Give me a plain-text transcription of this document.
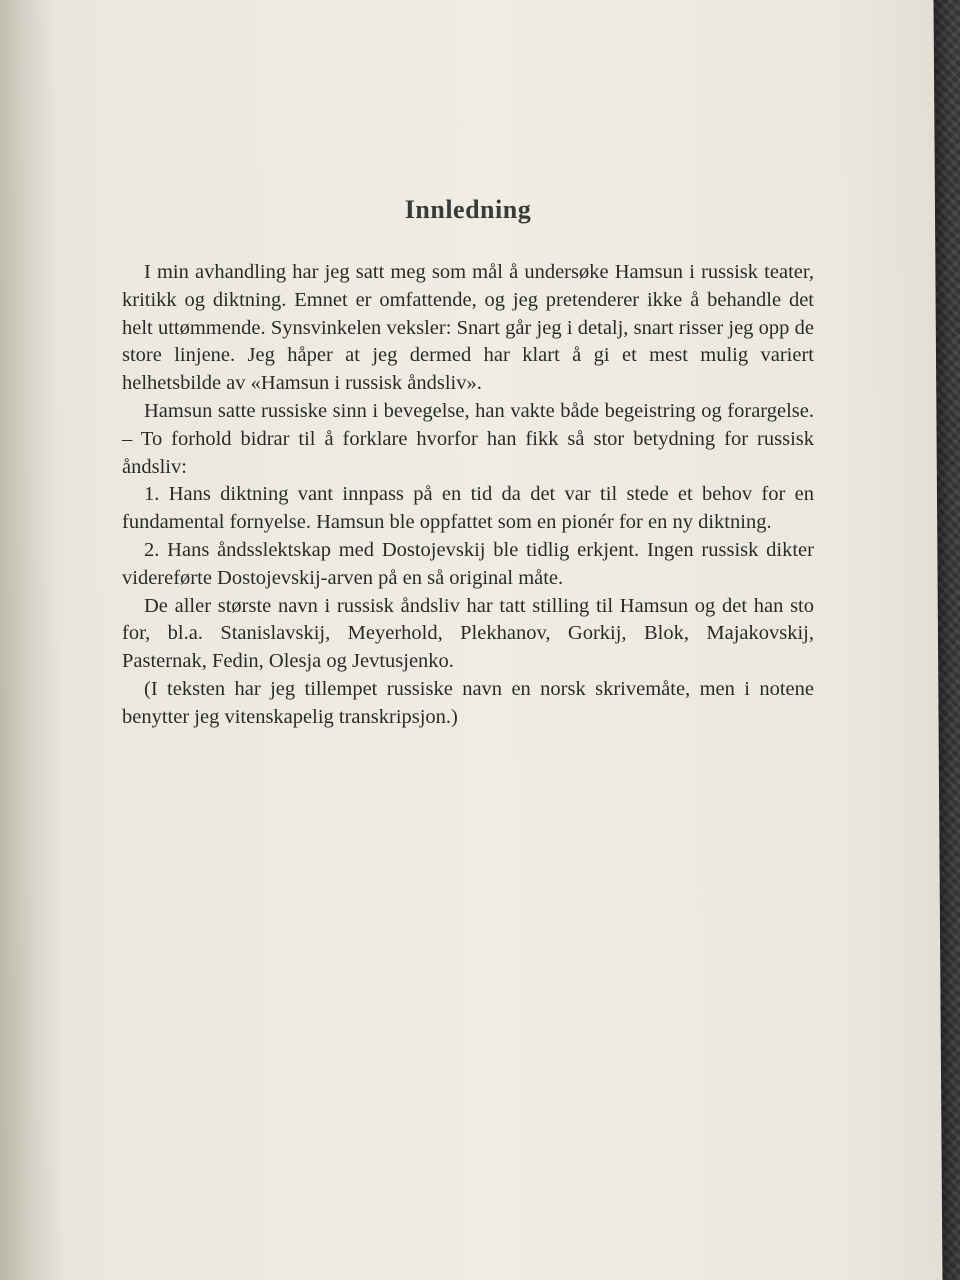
Innledning

I min avhandling har jeg satt meg som mål å undersøke Hamsun i russisk teater, kritikk og diktning. Emnet er omfattende, og jeg pretenderer ikke å behandle det helt uttømmende. Synsvinkelen veksler: Snart går jeg i detalj, snart risser jeg opp de store linjene. Jeg håper at jeg dermed har klart å gi et mest mulig variert helhetsbilde av «Hamsun i russisk åndsliv».

Hamsun satte russiske sinn i bevegelse, han vakte både begeistring og forargelse. – To forhold bidrar til å forklare hvorfor han fikk så stor betydning for russisk åndsliv:

1. Hans diktning vant innpass på en tid da det var til stede et behov for en fundamental fornyelse. Hamsun ble oppfattet som en pionér for en ny diktning.

2. Hans åndsslektskap med Dostojevskij ble tidlig erkjent. Ingen russisk dikter videreførte Dostojevskij-arven på en så original måte.

De aller største navn i russisk åndsliv har tatt stilling til Hamsun og det han sto for, bl.a. Stanislavskij, Meyerhold, Plekhanov, Gorkij, Blok, Majakovskij, Pasternak, Fedin, Olesja og Jevtusjenko.

(I teksten har jeg tillempet russiske navn en norsk skrivemåte, men i notene benytter jeg vitenskapelig transkripsjon.)
